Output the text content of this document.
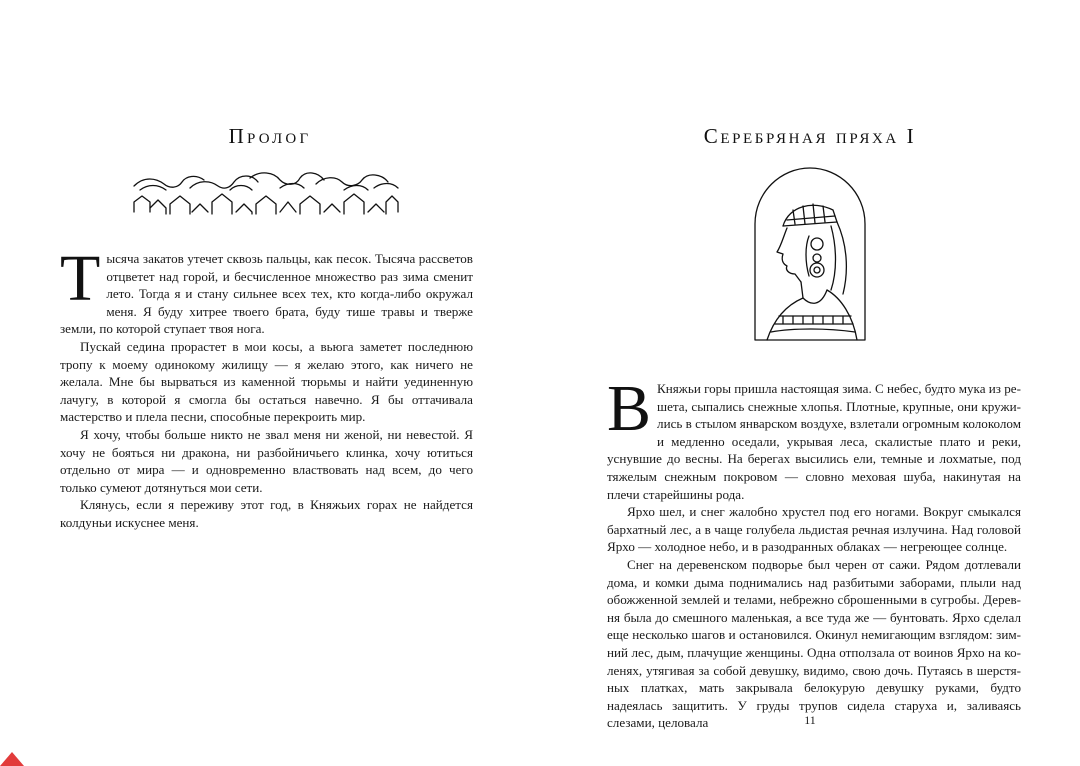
Пролог

Тысяча закатов утечет сквозь пальцы, как песок. Тысяча рассветов отцветет над горой, и бесчисленное множество раз зима сменит лето. Тогда я и стану сильнее всех тех, кто когда-либо окружал меня. Я буду хитрее твоего брата, буду тише травы и тверже земли, по которой ступает твоя нога.

Пускай седина прорастет в мои косы, а вьюга заметет последнюю тропу к моему одинокому жилищу — я желаю этого, как ничего не желала. Мне бы вырваться из каменной тюрьмы и найти уединенную лачугу, в которой я смогла бы остаться навечно. Я бы оттачивала мастерство и плела песни, способные перекроить мир.

Я хочу, чтобы больше никто не звал меня ни женой, ни невестой. Я хочу не бояться ни дракона, ни разбойничьего клинка, хочу ютиться отдельно от мира — и одновременно властвовать над всем, до чего только сумеют дотянуться мои сети.

Клянусь, если я переживу этот год, в Княжьих горах не найдется колдуньи искуснее меня.

Серебряная пряха I

В Княжьи горы пришла настоящая зима. С небес, будто мука из решета, сыпались снежные хлопья. Плотные, крупные, они кружились в стылом январском воздухе, взлетали огромным колоколом и медленно оседали, укрывая леса, скалистые плато и реки, уснувшие до весны. На берегах высились ели, темные и лохматые, под тяжелым снежным покровом — словно меховая шуба, накинутая на плечи старейшины рода.

Ярхо шел, и снег жалобно хрустел под его ногами. Вокруг смыкался бархатный лес, а в чаще голубела льдистая речная излучина. Над головой Ярхо — холодное небо, и в разодранных облаках — негреющее солнце.

Снег на деревенском подворье был черен от сажи. Рядом дотлевали дома, и комки дыма поднимались над разбитыми заборами, плыли над обожженной землей и телами, небрежно сброшенными в сугробы. Деревня была до смешного маленькая, а все туда же — бунтовать. Ярхо сделал еще несколько шагов и остановился. Окинул немигающим взглядом: зимний лес, дым, плачущие женщины. Одна отползала от воинов Ярхо на коленях, утягивая за собой девушку, видимо, свою дочь. Путаясь в шерстяных платках, мать закрывала белокурую девушку руками, будто надеялась защитить. У груды трупов сидела старуха и, заливаясь слезами, целовала	11
